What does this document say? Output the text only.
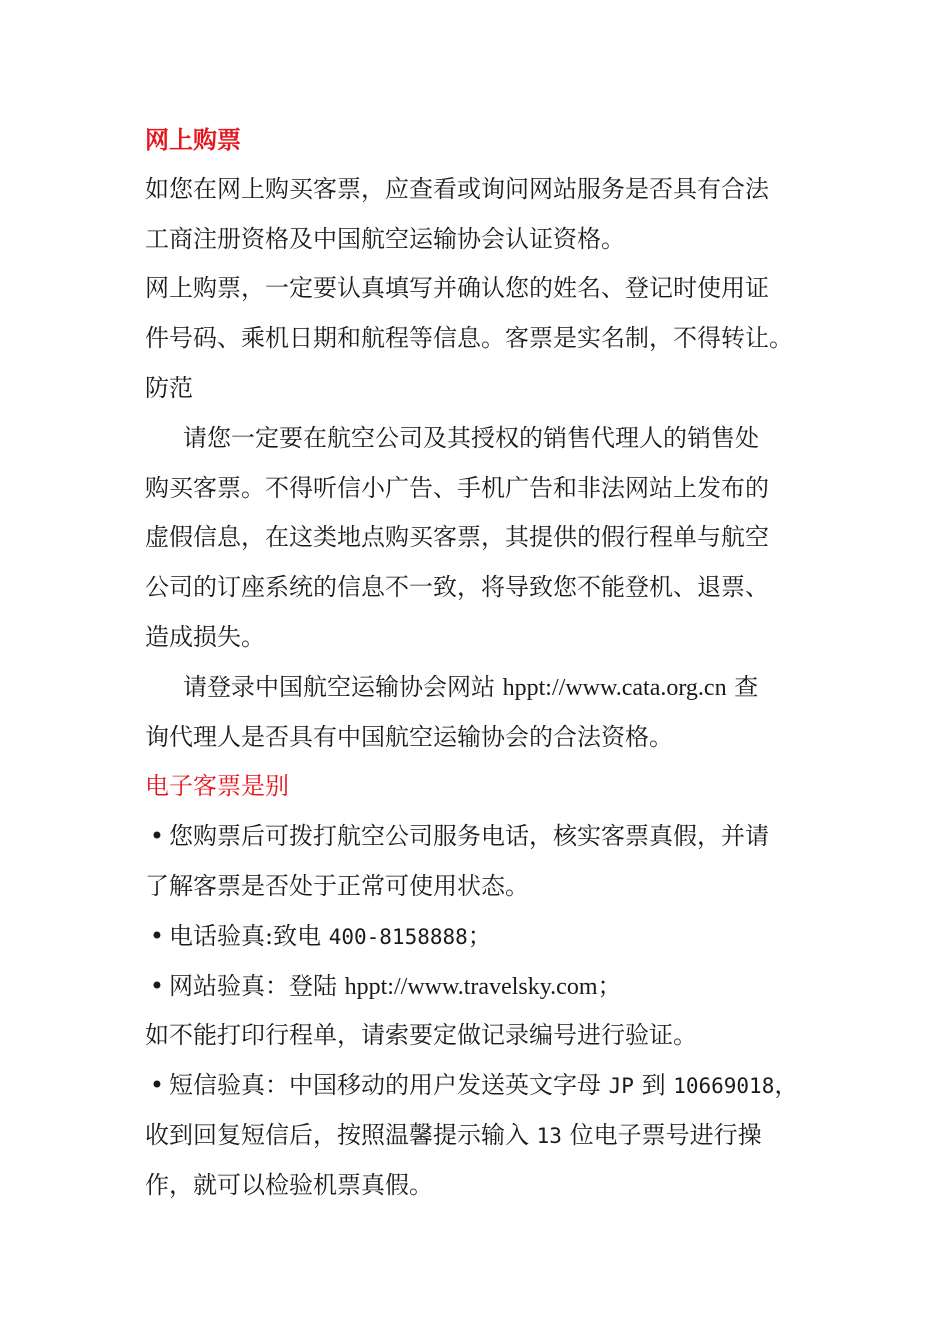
网上购票
如您在网上购买客票，应查看或询问网站服务是否具有合法
工商注册资格及中国航空运输协会认证资格。
网上购票，一定要认真填写并确认您的姓名、登记时使用证
件号码、乘机日期和航程等信息。客票是实名制，不得转让。
防范
请您一定要在航空公司及其授权的销售代理人的销售处
购买客票。不得听信小广告、手机广告和非法网站上发布的
虚假信息，在这类地点购买客票，其提供的假行程单与航空
公司的订座系统的信息不一致，将导致您不能登机、退票、
造成损失。
请登录中国航空运输协会网站 hppt://www.cata.org.cn 查
询代理人是否具有中国航空运输协会的合法资格。
电子客票是别
• 您购票后可拨打航空公司服务电话，核实客票真假，并请
了解客票是否处于正常可使用状态。
• 电话验真:致电 400-8158888；
• 网站验真：登陆 hppt://www.travelsky.com；
如不能打印行程单，请索要定做记录编号进行验证。
• 短信验真：中国移动的用户发送英文字母 JP 到 10669018，
收到回复短信后，按照温馨提示输入 13 位电子票号进行操
作，就可以检验机票真假。
